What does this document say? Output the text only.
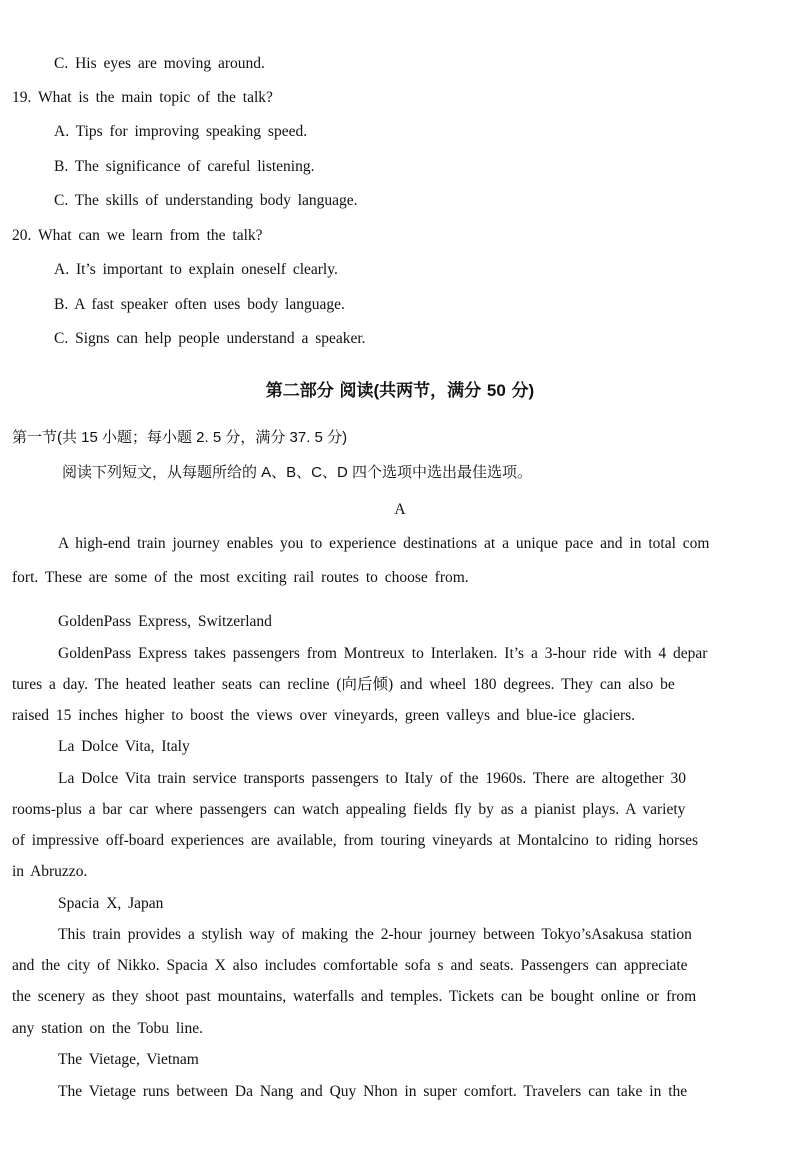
C. His eyes are moving around.
19. What is the main topic of the talk?
A. Tips for improving speaking speed.
B. The significance of careful listening.
C. The skills of understanding body language.
20. What can we learn from the talk?
A. It’s important to explain oneself clearly.
B. A fast speaker often uses body language.
C. Signs can help people understand a speaker.
第二部分 阅读(共两节，满分 50 分)
第一节(共 15 小题；每小题 2. 5 分，满分 37. 5 分)
阅读下列短文，从每题所给的 A、B、C、D 四个选项中选出最佳选项。
A
A high-end train journey enables you to experience destinations at a unique pace and in total com
fort. These are some of the most exciting rail routes to choose from.
GoldenPass Express, Switzerland
GoldenPass Express takes passengers from Montreux to Interlaken. It’s a 3-hour ride with 4 depar
tures a day. The heated leather seats can recline (向后倾) and wheel 180 degrees. They can also be
raised 15 inches higher to boost the views over vineyards, green valleys and blue-ice glaciers.
La Dolce Vita, Italy
La Dolce Vita train service transports passengers to Italy of the 1960s. There are altogether 30
rooms-plus a bar car where passengers can watch appealing fields fly by as a pianist plays. A variety
of impressive off-board experiences are available, from touring vineyards at Montalcino to riding horses
in Abruzzo.
Spacia X, Japan
This train provides a stylish way of making the 2-hour journey between Tokyo’sAsakusa station
and the city of Nikko. Spacia X also includes comfortable sofa s and seats. Passengers can appreciate
the scenery as they shoot past mountains, waterfalls and temples. Tickets can be bought online or from
any station on the Tobu line.
The Vietage, Vietnam
The Vietage runs between Da Nang and Quy Nhon in super comfort. Travelers can take in the
